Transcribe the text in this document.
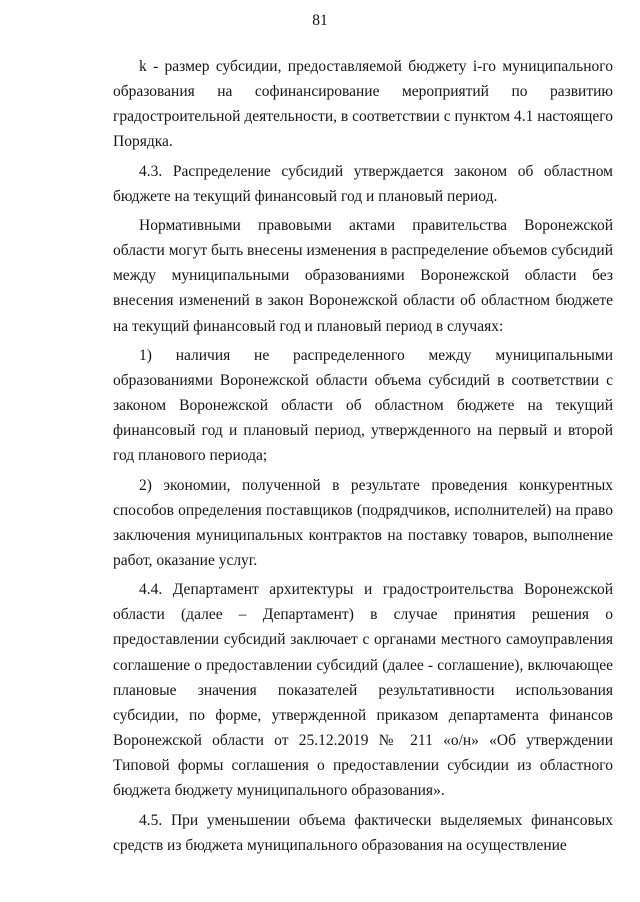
81

k - размер субсидии, предоставляемой бюджету i-го муниципального образования на софинансирование мероприятий по развитию градостроительной деятельности, в соответствии с пунктом 4.1 настоящего Порядка.

4.3. Распределение субсидий утверждается законом об областном бюджете на текущий финансовый год и плановый период.

Нормативными правовыми актами правительства Воронежской области могут быть внесены изменения в распределение объемов субсидий между муниципальными образованиями Воронежской области без внесения изменений в закон Воронежской области об областном бюджете на текущий финансовый год и плановый период в случаях:

1) наличия не распределенного между муниципальными образованиями Воронежской области объема субсидий в соответствии с законом Воронежской области об областном бюджете на текущий финансовый год и плановый период, утвержденного на первый и второй год планового периода;

2) экономии, полученной в результате проведения конкурентных способов определения поставщиков (подрядчиков, исполнителей) на право заключения муниципальных контрактов на поставку товаров, выполнение работ, оказание услуг.

4.4. Департамент архитектуры и градостроительства Воронежской области (далее – Департамент) в случае принятия решения о предоставлении субсидий заключает с органами местного самоуправления соглашение о предоставлении субсидий (далее - соглашение), включающее плановые значения показателей результативности использования субсидии, по форме, утвержденной приказом департамента финансов Воронежской области от 25.12.2019 № 211 «о/н» «Об утверждении Типовой формы соглашения о предоставлении субсидии из областного бюджета бюджету муниципального образования».

4.5. При уменьшении объема фактически выделяемых финансовых средств из бюджета муниципального образования на осуществление
